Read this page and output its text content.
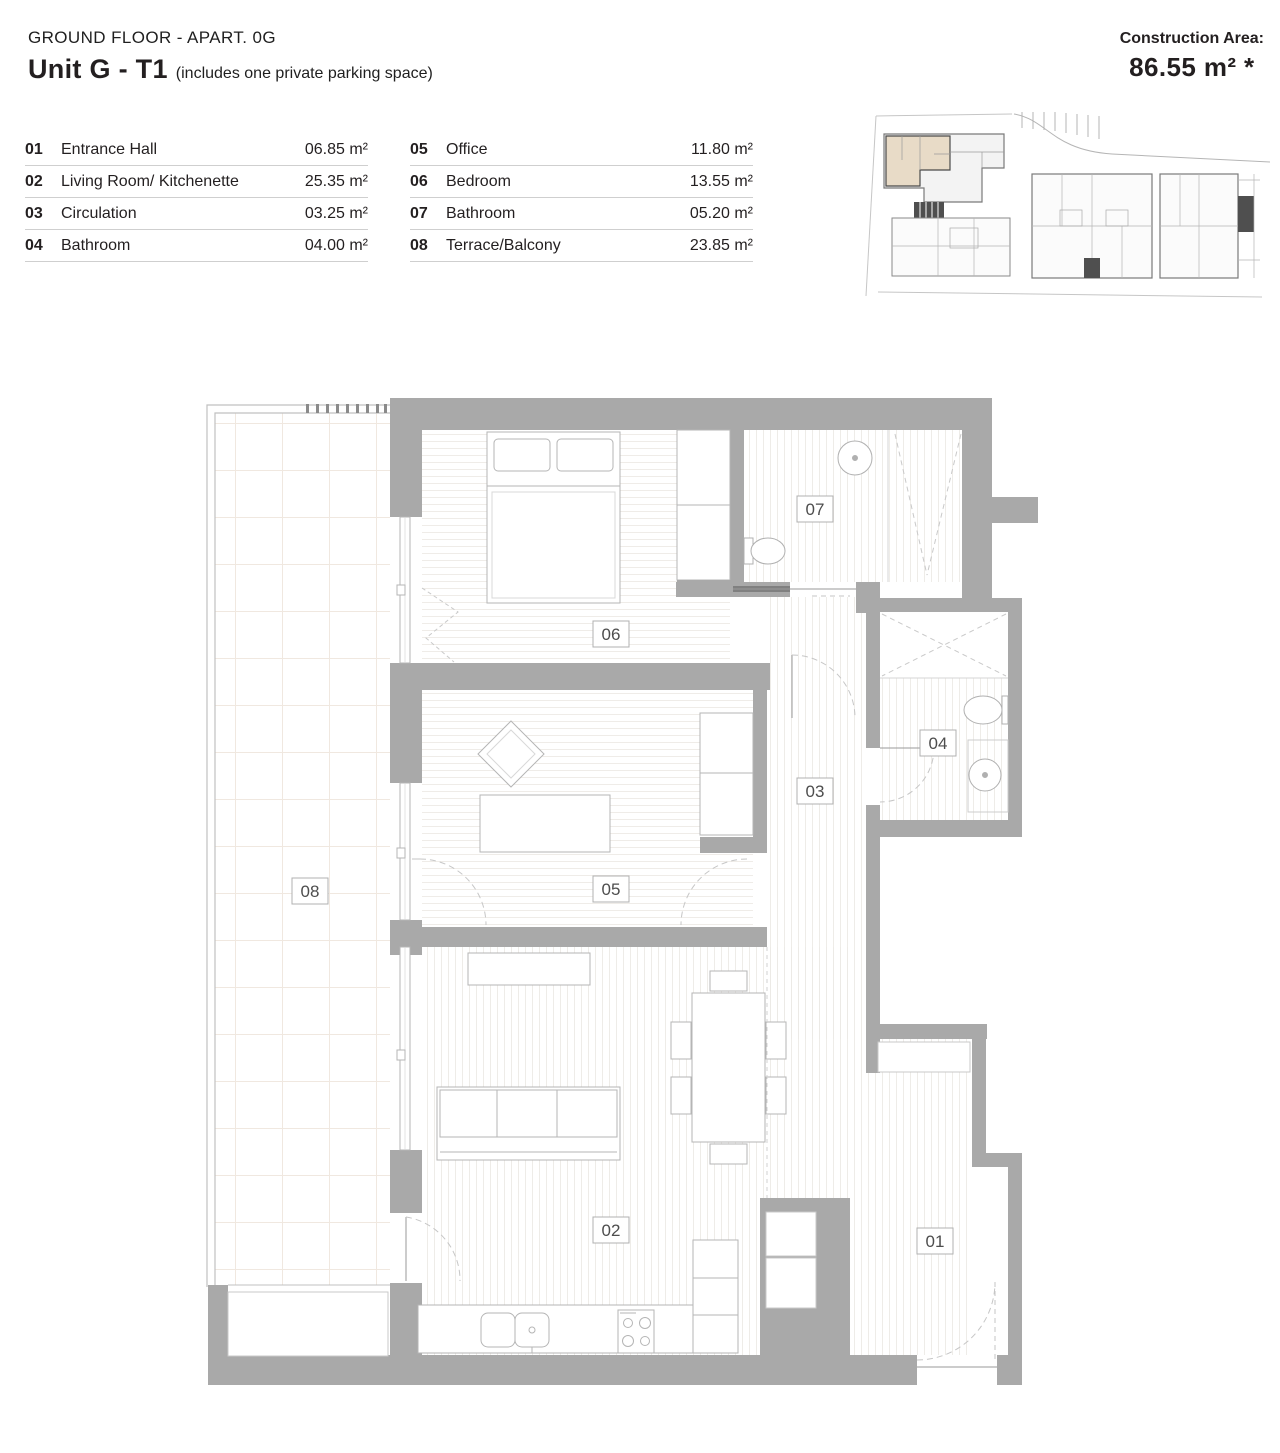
GROUND FLOOR - APART. 0G
Unit G - T1 (includes one private parking space)
Construction Area:
86.55 m² *
01	Entrance Hall	06.85 m²
02	Living Room/ Kitchenette	25.35 m²
03	Circulation	03.25 m²
04	Bathroom	04.00 m²
05	Office	11.80 m²
06	Bedroom	13.55 m²
07	Bathroom	05.20 m²
08	Terrace/Balcony	23.85 m²
01
02
03
04
05
06
07
08
